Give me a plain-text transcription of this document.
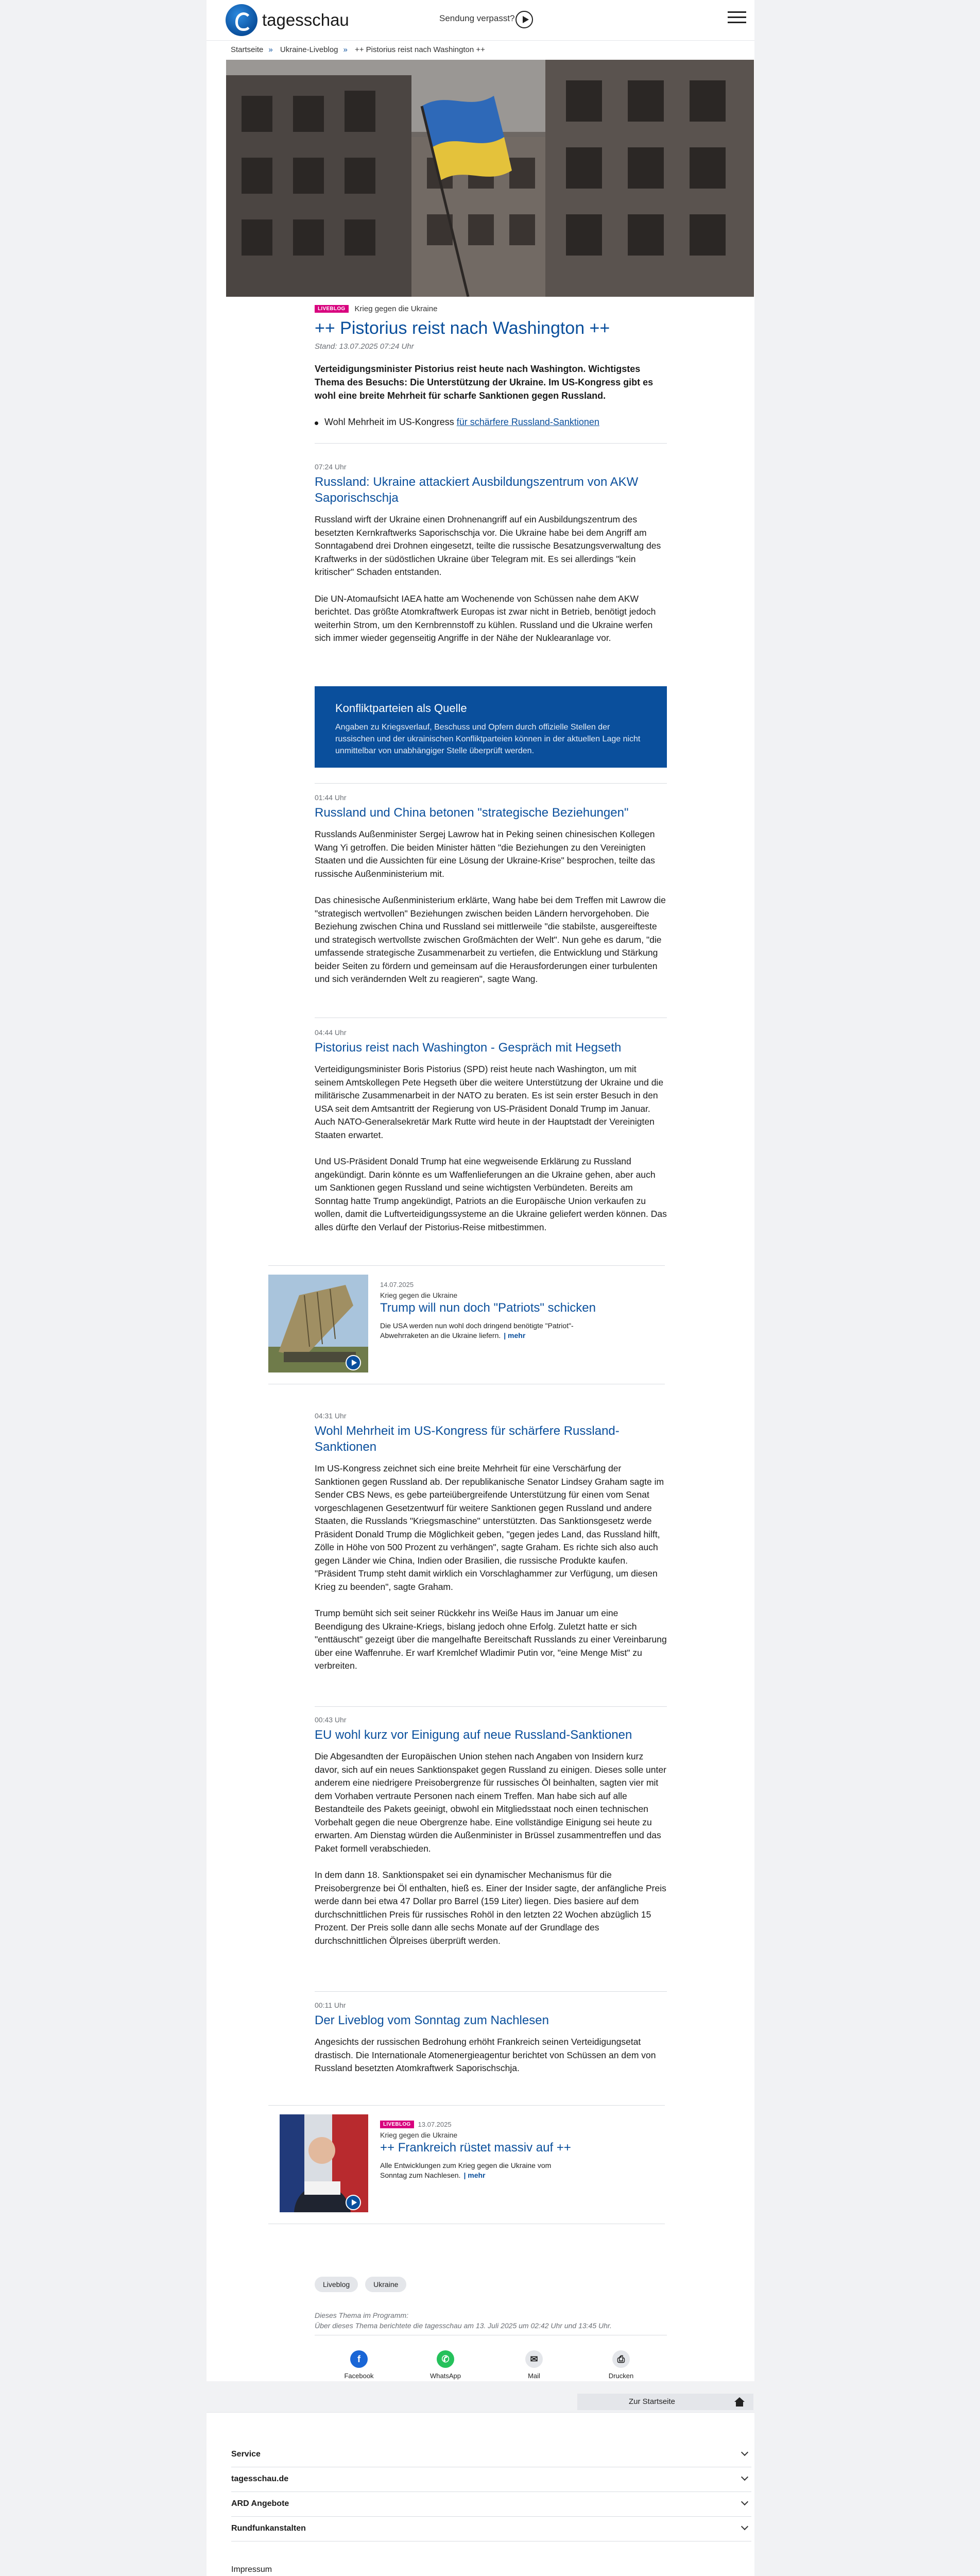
tagesschau	Sendung verpasst?
Startseite » Ukraine-Liveblog » ++ Pistorius reist nach Washington ++
LIVEBLOG	Krieg gegen die Ukraine
++ Pistorius reist nach Washington ++
Stand: 13.07.2025 07:24 Uhr
Verteidigungsminister Pistorius reist heute nach Washington. Wichtigstes Thema des Besuchs: Die Unterstützung der Ukraine. Im US-Kongress gibt es wohl eine breite Mehrheit für scharfe Sanktionen gegen Russland.
Wohl Mehrheit im US-Kongress für schärfere Russland-Sanktionen
07:24 Uhr
Russland: Ukraine attackiert Ausbildungszentrum von AKW Saporischschja

Russland wirft der Ukraine einen Drohnenangriff auf ein Ausbildungszentrum des besetzten Kernkraftwerks Saporischschja vor. Die Ukraine habe bei dem Angriff am Sonntagabend drei Drohnen eingesetzt, teilte die russische Besatzungsverwaltung des Kraftwerks in der südöstlichen Ukraine über Telegram mit. Es sei allerdings "kein kritischer" Schaden entstanden.

Die UN-Atomaufsicht IAEA hatte am Wochenende von Schüssen nahe dem AKW berichtet. Das größte Atomkraftwerk Europas ist zwar nicht in Betrieb, benötigt jedoch weiterhin Strom, um den Kernbrennstoff zu kühlen. Russland und die Ukraine werfen sich immer wieder gegenseitig Angriffe in der Nähe der Nuklearanlage vor.

Konfliktparteien als Quelle

Angaben zu Kriegsverlauf, Beschuss und Opfern durch offizielle Stellen der russischen und der ukrainischen Konfliktparteien können in der aktuellen Lage nicht unmittelbar von unabhängiger Stelle überprüft werden.

01:44 Uhr
Russland und China betonen "strategische Beziehungen"

Russlands Außenminister Sergej Lawrow hat in Peking seinen chinesischen Kollegen Wang Yi getroffen. Die beiden Minister hätten "die Beziehungen zu den Vereinigten Staaten und die Aussichten für eine Lösung der Ukraine-Krise" besprochen, teilte das russische Außenministerium mit.

Das chinesische Außenministerium erklärte, Wang habe bei dem Treffen mit Lawrow die "strategisch wertvollen" Beziehungen zwischen beiden Ländern hervorgehoben. Die Beziehung zwischen China und Russland sei mittlerweile "die stabilste, ausgereifteste und strategisch wertvollste zwischen Großmächten der Welt". Nun gehe es darum, "die umfassende strategische Zusammenarbeit zu vertiefen, die Entwicklung und Stärkung beider Seiten zu fördern und gemeinsam auf die Herausforderungen einer turbulenten und sich verändernden Welt zu reagieren", sagte Wang.

04:44 Uhr
Pistorius reist nach Washington - Gespräch mit Hegseth

Verteidigungsminister Boris Pistorius (SPD) reist heute nach Washington, um mit seinem Amtskollegen Pete Hegseth über die weitere Unterstützung der Ukraine und die militärische Zusammenarbeit in der NATO zu beraten. Es ist sein erster Besuch in den USA seit dem Amtsantritt der Regierung von US-Präsident Donald Trump im Januar. Auch NATO-Generalsekretär Mark Rutte wird heute in der Hauptstadt der Vereinigten Staaten erwartet.

Und US-Präsident Donald Trump hat eine wegweisende Erklärung zu Russland angekündigt. Darin könnte es um Waffenlieferungen an die Ukraine gehen, aber auch um Sanktionen gegen Russland und seine wichtigsten Verbündeten. Bereits am Sonntag hatte Trump angekündigt, Patriots an die Europäische Union verkaufen zu wollen, damit die Luftverteidigungssysteme an die Ukraine geliefert werden können. Das alles dürfte den Verlauf der Pistorius-Reise mitbestimmen.

14.07.2025
Krieg gegen die Ukraine
Trump will nun doch "Patriots" schicken
Die USA werden nun wohl doch dringend benötigte "Patriot"-Abwehrraketen an die Ukraine liefern. | mehr
04:31 Uhr
Wohl Mehrheit im US-Kongress für schärfere Russland-Sanktionen

Im US-Kongress zeichnet sich eine breite Mehrheit für eine Verschärfung der Sanktionen gegen Russland ab. Der republikanische Senator Lindsey Graham sagte im Sender CBS News, es gebe parteiübergreifende Unterstützung für einen vom Senat vorgeschlagenen Gesetzentwurf für weitere Sanktionen gegen Russland und andere Staaten, die Russlands "Kriegsmaschine" unterstützten. Das Sanktionsgesetz werde Präsident Donald Trump die Möglichkeit geben, "gegen jedes Land, das Russland hilft, Zölle in Höhe von 500 Prozent zu verhängen", sagte Graham. Es richte sich also auch gegen Länder wie China, Indien oder Brasilien, die russische Produkte kaufen. "Präsident Trump steht damit wirklich ein Vorschlaghammer zur Verfügung, um diesen Krieg zu beenden", sagte Graham.

Trump bemüht sich seit seiner Rückkehr ins Weiße Haus im Januar um eine Beendigung des Ukraine-Kriegs, bislang jedoch ohne Erfolg. Zuletzt hatte er sich "enttäuscht" gezeigt über die mangelhafte Bereitschaft Russlands zu einer Vereinbarung über eine Waffenruhe. Er warf Kremlchef Wladimir Putin vor, "eine Menge Mist" zu verbreiten.

00:43 Uhr
EU wohl kurz vor Einigung auf neue Russland-Sanktionen

Die Abgesandten der Europäischen Union stehen nach Angaben von Insidern kurz davor, sich auf ein neues Sanktionspaket gegen Russland zu einigen. Dieses solle unter anderem eine niedrigere Preisobergrenze für russisches Öl beinhalten, sagten vier mit dem Vorhaben vertraute Personen nach einem Treffen. Man habe sich auf alle Bestandteile des Pakets geeinigt, obwohl ein Mitgliedsstaat noch einen technischen Vorbehalt gegen die neue Obergrenze habe. Eine vollständige Einigung sei heute zu erwarten. Am Dienstag würden die Außenminister in Brüssel zusammentreffen und das Paket formell verabschieden.

In dem dann 18. Sanktionspaket sei ein dynamischer Mechanismus für die Preisobergrenze bei Öl enthalten, hieß es. Einer der Insider sagte, der anfängliche Preis werde dann bei etwa 47 Dollar pro Barrel (159 Liter) liegen. Dies basiere auf dem durchschnittlichen Preis für russisches Rohöl in den letzten 22 Wochen abzüglich 15 Prozent. Der Preis solle dann alle sechs Monate auf der Grundlage des durchschnittlichen Ölpreises überprüft werden.

00:11 Uhr
Der Liveblog vom Sonntag zum Nachlesen

Angesichts der russischen Bedrohung erhöht Frankreich seinen Verteidigungsetat drastisch. Die Internationale Atomenergieagentur berichtet von Schüssen an dem von Russland besetzten Atomkraftwerk Saporischschja.

LIVEBLOG	13.07.2025
Krieg gegen die Ukraine
++ Frankreich rüstet massiv auf ++
Alle Entwicklungen zum Krieg gegen die Ukraine vom Sonntag zum Nachlesen. | mehr
Liveblog	Ukraine
Dieses Thema im Programm:
Über dieses Thema berichtete die tagesschau am 13. Juli 2025 um 02:42 Uhr und 13:45 Uhr.
f
Facebook
✆
WhatsApp
✉
Mail
⎙
Drucken
Zur Startseite
Service
tagesschau.de
ARD Angebote
Rundfunkanstalten
Impressum
